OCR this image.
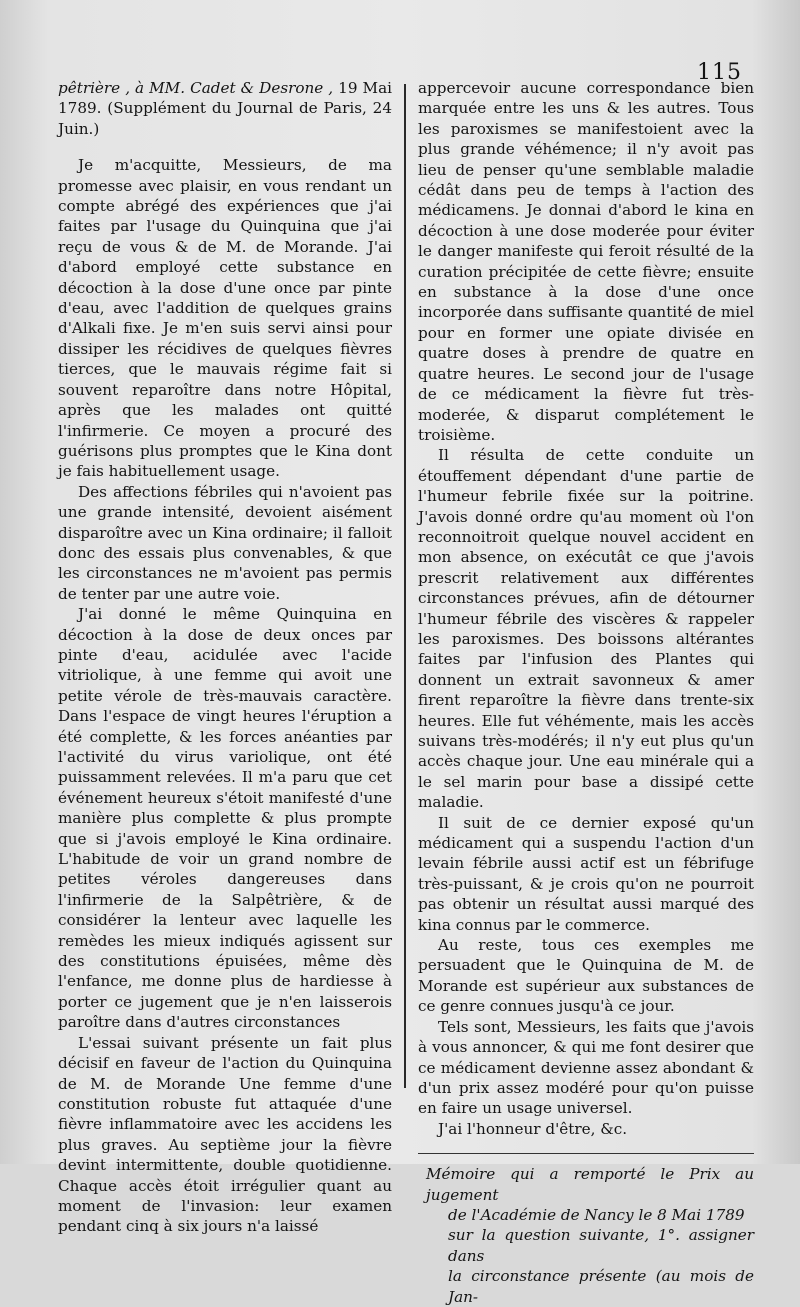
115
pêtrière , à MM. Cadet & Desrone , 19 Mai 1789. (Supplément du Journal de Paris, 24 Juin.)

Je m'acquitte, Messieurs, de ma promesse avec plaisir, en vous rendant un compte abrégé des expériences que j'ai faites par l'usage du Quinquina que j'ai reçu de vous & de M. de Morande. J'ai d'abord employé cette substance en décoction à la dose d'une once par pinte d'eau, avec l'addition de quelques grains d'Alkali fixe. Je m'en suis servi ainsi pour dissiper les récidives de quelques fièvres tierces, que le mauvais régime fait si souvent reparoître dans notre Hôpital, après que les malades ont quitté l'infirmerie. Ce moyen a procuré des guérisons plus promptes que le Kina dont je fais habituellement usage.

Des affections fébriles qui n'avoient pas une grande intensité, devoient aisément disparoître avec un Kina ordinaire; il falloit donc des essais plus convenables, & que les circonstances ne m'avoient pas permis de tenter par une autre voie.

J'ai donné le même Quinquina en décoction à la dose de deux onces par pinte d'eau, acidulée avec l'acide vitriolique, à une femme qui avoit une petite vérole de très-mauvais caractère. Dans l'espace de vingt heures l'éruption a été complette, & les forces anéanties par l'activité du virus variolique, ont été puissamment relevées. Il m'a paru que cet événement heureux s'étoit manifesté d'une manière plus complette & plus prompte que si j'avois employé le Kina ordinaire. L'habitude de voir un grand nombre de petites véroles dangereuses dans l'infirmerie de la Salpêtrière, & de considérer la lenteur avec laquelle les remèdes les mieux indiqués agissent sur des constitutions épuisées, même dès l'enfance, me donne plus de hardiesse à porter ce jugement que je n'en laisserois paroître dans d'autres circonstances

L'essai suivant présente un fait plus décisif en faveur de l'action du Quinquina de M. de Morande Une femme d'une constitution robuste fut attaquée d'une fièvre inflammatoire avec les accidens les plus graves. Au septième jour la fièvre devint intermittente, double quotidienne. Chaque accès étoit irrégulier quant au moment de l'invasion: leur examen pendant cinq à six jours n'a laissé

appercevoir aucune correspondance bien marquée entre les uns & les autres. Tous les paroxismes se manifestoient avec la plus grande véhémence; il n'y avoit pas lieu de penser qu'une semblable maladie cédât dans peu de temps à l'action des médicamens. Je donnai d'abord le kina en décoction à une dose moderée pour éviter le danger manifeste qui feroit résulté de la curation précipitée de cette fièvre; ensuite en substance à la dose d'une once incorporée dans suffisante quantité de miel pour en former une opiate divisée en quatre doses à prendre de quatre en quatre heures. Le second jour de l'usage de ce médicament la fièvre fut très-moderée, & disparut complétement le troisième.

Il résulta de cette conduite un étouffement dépendant d'une partie de l'humeur febrile fixée sur la poitrine. J'avois donné ordre qu'au moment où l'on reconnoitroit quelque nouvel accident en mon absence, on exécutât ce que j'avois prescrit relativement aux différentes circonstances prévues, afin de détourner l'humeur fébrile des viscères & rappeler les paroxismes. Des boissons altérantes faites par l'infusion des Plantes qui donnent un extrait savonneux & amer firent reparoître la fièvre dans trente-six heures. Elle fut véhémente, mais les accès suivans très-modérés; il n'y eut plus qu'un accès chaque jour. Une eau minérale qui a le sel marin pour base a dissipé cette maladie.

Il suit de ce dernier exposé qu'un médicament qui a suspendu l'action d'un levain fébrile aussi actif est un fébrifuge très-puissant, & je crois qu'on ne pourroit pas obtenir un résultat aussi marqué des kina connus par le commerce.

Au reste, tous ces exemples me persuadent que le Quinquina de M. de Morande est supérieur aux substances de ce genre connues jusqu'à ce jour.

Tels sont, Messieurs, les faits que j'avois à vous annoncer, & qui me font desirer que ce médicament devienne assez abondant & d'un prix assez modéré pour qu'on puisse en faire un usage universel.

J'ai l'honneur d'être, &c.

Mémoire qui a remporté le Prix au jugement
de l'Académie de Nancy le 8 Mai 1789
sur la question suivante, 1°. assigner dans
la circonstance présente (au mois de Jan-
